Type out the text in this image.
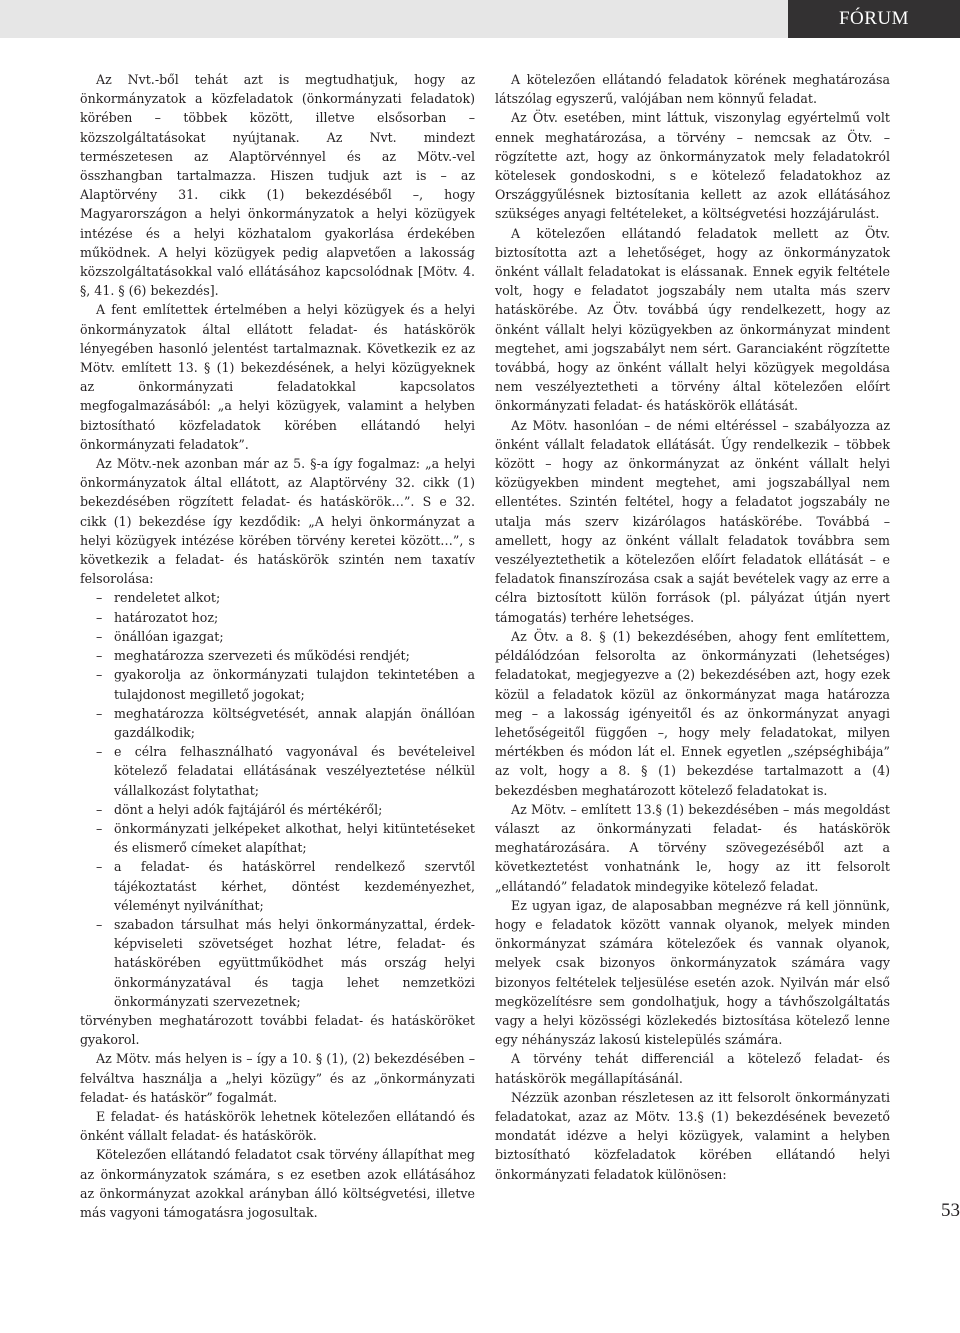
FÓRUM

Az Nvt.-ből tehát azt is megtudhatjuk, hogy az önkormányzatok a közfeladatok (önkormányzati feladatok) körében – többek között, illetve elsősorban – közszolgáltatásokat nyújtanak. Az Nvt. mindezt természetesen az Alaptörvénnyel és az Mötv.-vel összhangban tartalmazza. Hiszen tudjuk azt is – az Alaptörvény 31. cikk (1) bekezdéséből –, hogy Magyarországon a helyi önkormányzatok a helyi közügyek intézése és a helyi közhatalom gyakorlása érdekében működnek. A helyi közügyek pedig alapvetően a lakosság közszolgáltatásokkal való ellátásához kapcsolódnak [Mötv. 4. §, 41. § (6) bekezdés].

A fent említettek értelmében a helyi közügyek és a helyi önkormányzatok által ellátott feladat- és hatáskörök lényegében hasonló jelentést tartalmaznak. Következik ez az Mötv. említett 13. § (1) bekezdésének, a helyi közügyeknek az önkormányzati feladatokkal kapcsolatos megfogalmazásából: „a helyi közügyek, valamint a helyben biztosítható közfeladatok körében ellátandó helyi önkormányzati feladatok”.

Az Mötv.-nek azonban már az 5. §-a így fogalmaz: „a helyi önkormányzatok által ellátott, az Alaptörvény 32. cikk (1) bekezdésében rögzített feladat- és hatáskörök…”. S e 32. cikk (1) bekezdése így kezdődik: „A helyi önkormányzat a helyi közügyek intézése körében törvény keretei között…”, s következik a feladat- és hatáskörök szintén nem taxatív felsorolása:

– rendeletet alkot;
– határozatot hoz;
– önállóan igazgat;
– meghatározza szervezeti és működési rendjét;
– gyakorolja az önkormányzati tulajdon tekintetében a tulajdonost megillető jogokat;
– meghatározza költségvetését, annak alapján önállóan gazdálkodik;
– e célra felhasználható vagyonával és bevételeivel kötelező feladatai ellátásának veszélyeztetése nélkül vállalkozást folytathat;
– dönt a helyi adók fajtájáról és mértékéről;
– önkormányzati jelképeket alkothat, helyi kitüntetéseket és elismerő címeket alapíthat;
– a feladat- és hatáskörrel rendelkező szervtől tájékoztatást kérhet, döntést kezdeményezhet, véleményt nyilváníthat;
– szabadon társulhat más helyi önkormányzattal, érdek-képviseleti szövetséget hozhat létre, feladat- és hatáskörében együttműködhet más ország helyi önkormányzatával és tagja lehet nemzetközi önkormányzati szervezetnek;

törvényben meghatározott további feladat- és hatásköröket gyakorol.

Az Mötv. más helyen is – így a 10. § (1), (2) bekezdésében – felváltva használja a „helyi közügy” és az „önkormányzati feladat- és hatáskör” fogalmát.

E feladat- és hatáskörök lehetnek kötelezően ellátandó és önként vállalt feladat- és hatáskörök.

Kötelezően ellátandó feladatot csak törvény állapíthat meg az önkormányzatok számára, s ez esetben azok ellátásához az önkormányzat azokkal arányban álló költségvetési, illetve más vagyoni támogatásra jogosultak.

A kötelezően ellátandó feladatok körének meghatározása látszólag egyszerű, valójában nem könnyű feladat.

Az Ötv. esetében, mint láttuk, viszonylag egyértelmű volt ennek meghatározása, a törvény – nemcsak az Ötv. – rögzítette azt, hogy az önkormányzatok mely feladatokról kötelesek gondoskodni, s e kötelező feladatokhoz az Országgyűlésnek biztosítania kellett az azok ellátásához szükséges anyagi feltételeket, a költségvetési hozzájárulást.

A kötelezően ellátandó feladatok mellett az Ötv. biztosította azt a lehetőséget, hogy az önkormányzatok önként vállalt feladatokat is elássanak. Ennek egyik feltétele volt, hogy e feladatot jogszabály nem utalta más szerv hatáskörébe. Az Ötv. továbbá úgy rendelkezett, hogy az önként vállalt helyi közügyekben az önkormányzat mindent megtehet, ami jogszabályt nem sért. Garanciaként rögzítette továbbá, hogy az önként vállalt helyi közügyek megoldása nem veszélyeztetheti a törvény által kötelezően előírt önkormányzati feladat- és hatáskörök ellátását.

Az Mötv. hasonlóan – de némi eltéréssel – szabályozza az önként vállalt feladatok ellátását. Úgy rendelkezik – többek között – hogy az önkormányzat az önként vállalt helyi közügyekben mindent megtehet, ami jogszabállyal nem ellentétes. Szintén feltétel, hogy a feladatot jogszabály ne utalja más szerv kizárólagos hatáskörébe. Továbbá – amellett, hogy az önként vállalt feladatok továbbra sem veszélyeztethetik a kötelezően előírt feladatok ellátását – e feladatok finanszírozása csak a saját bevételek vagy az erre a célra biztosított külön források (pl. pályázat útján nyert támogatás) terhére lehetséges.

Az Ötv. a 8. § (1) bekezdésében, ahogy fent említettem, példálódzóan felsorolta az önkormányzati (lehetséges) feladatokat, megjegyezve a (2) bekezdésében azt, hogy ezek közül a feladatok közül az önkormányzat maga határozza meg – a lakosság igényeitől és az önkormányzat anyagi lehetőségeitől függően –, hogy mely feladatokat, milyen mértékben és módon lát el. Ennek egyetlen „szépséghibája” az volt, hogy a 8. § (1) bekezdése tartalmazott a (4) bekezdésben meghatározott kötelező feladatokat is.

Az Mötv. – említett 13.§ (1) bekezdésében – más megoldást választ az önkormányzati feladat- és hatáskörök meghatározására. A törvény szövegezéséből azt a következtetést vonhatnánk le, hogy az itt felsorolt „ellátandó” feladatok mindegyike kötelező feladat.

Ez ugyan igaz, de alaposabban megnézve rá kell jönnünk, hogy e feladatok között vannak olyanok, melyek minden önkormányzat számára kötelezőek és vannak olyanok, melyek csak bizonyos önkormányzatok számára vagy bizonyos feltételek teljesülése esetén azok. Nyilván már első megközelítésre sem gondolhatjuk, hogy a távhőszolgáltatás vagy a helyi közösségi közlekedés biztosítása kötelező lenne egy néhányszáz lakosú kistelepülés számára.

A törvény tehát differenciál a kötelező feladat- és hatáskörök megállapításánál.

Nézzük azonban részletesen az itt felsorolt önkormányzati feladatokat, azaz az Mötv. 13.§ (1) bekezdésének bevezető mondatát idézve a helyi közügyek, valamint a helyben biztosítható közfeladatok körében ellátandó helyi önkormányzati feladatok különösen:

53
